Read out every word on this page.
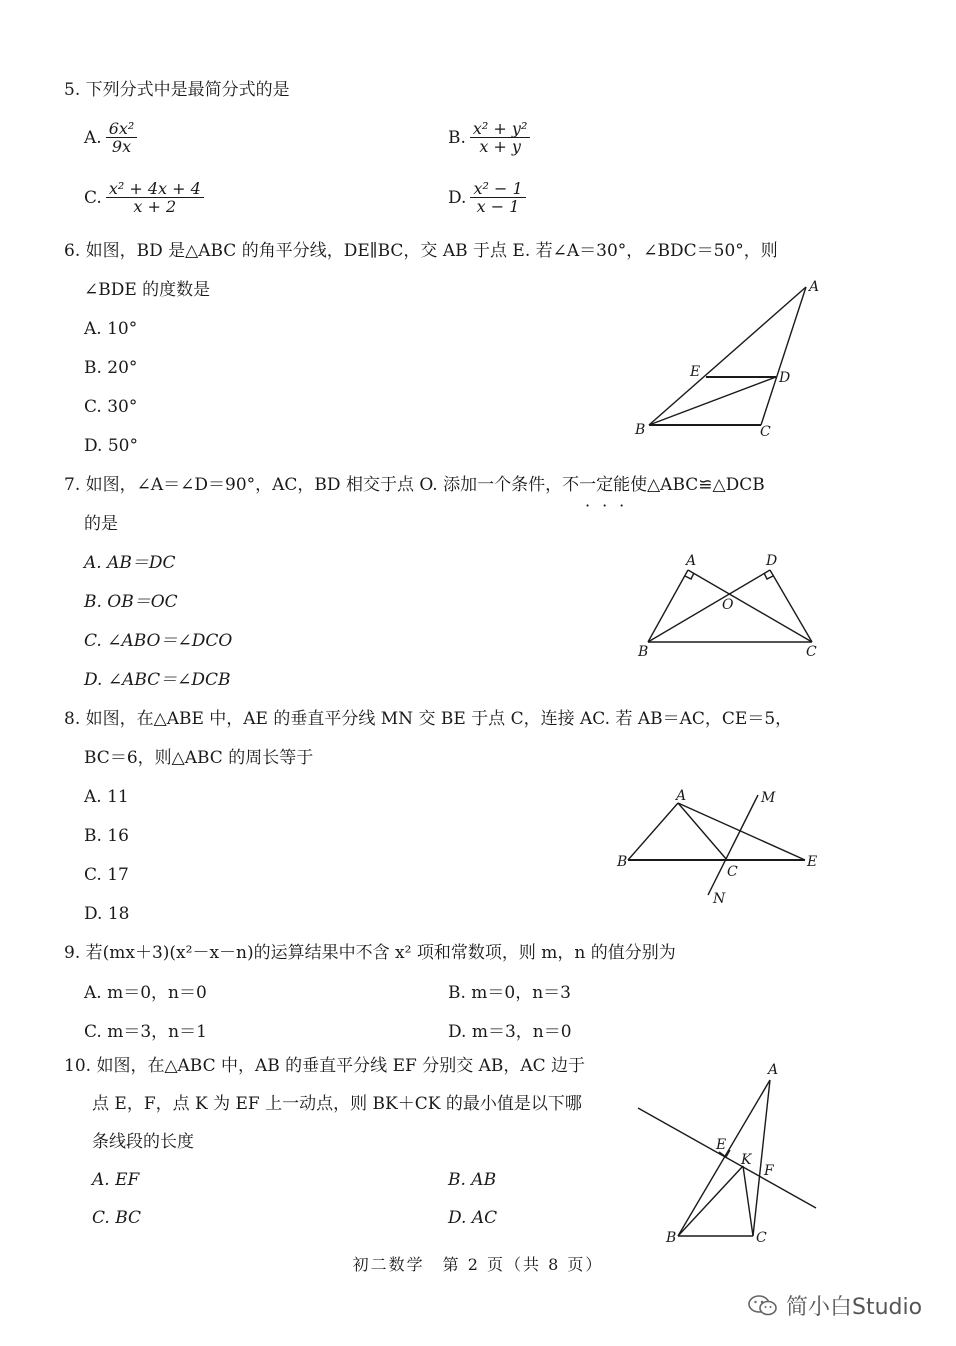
5. 下列分式中是最简分式的是
A. $\frac{\text{6x²}}{9x}$	B. $\frac{\text{x² + y²}}{x + y}$
C. $\frac{\text{x² + 4x + 4}}{x + 2}$	D. $\frac{\text{x² − 1}}{x - 1}$
6. 如图，BD 是△ABC 的角平分线，DE∥BC，交 AB 于点 E. 若∠A＝30°，∠BDC＝50°，则
∠BDE 的度数是
A. 10°
B. 20°
C. 30°
D. 50°
A
E	D
B	C
7. 如图，∠A＝∠D＝90°，AC，BD 相交于点 O. 添加一个条件，不一定能使△ABC≌△DCB
···
的是
A. AB＝DC
B. OB＝OC
C. ∠ABO＝∠DCO
D. ∠ABC＝∠DCB
A	D
O
B	C
8. 如图，在△ABE 中，AE 的垂直平分线 MN 交 BE 于点 C，连接 AC. 若 AB＝AC，CE＝5，
BC＝6，则△ABC 的周长等于
A. 11
B. 16
C. 17
D. 18
A	M
B
C
E
N
9. 若(mx＋3)(x²－x－n)的运算结果中不含 x² 项和常数项，则 m，n 的值分别为
A. m＝0，n＝0	B. m＝0，n＝3
C. m＝3，n＝1	D. m＝3，n＝0
10. 如图，在△ABC 中，AB 的垂直平分线 EF 分别交 AB，AC 边于
点 E，F，点 K 为 EF 上一动点，则 BK＋CK 的最小值是以下哪
条线段的长度
A. EF	B. AB
C. BC	D. AC
A
E
K
F
B	C
初二数学　第 2 页（共 8 页）
简小白Studio
